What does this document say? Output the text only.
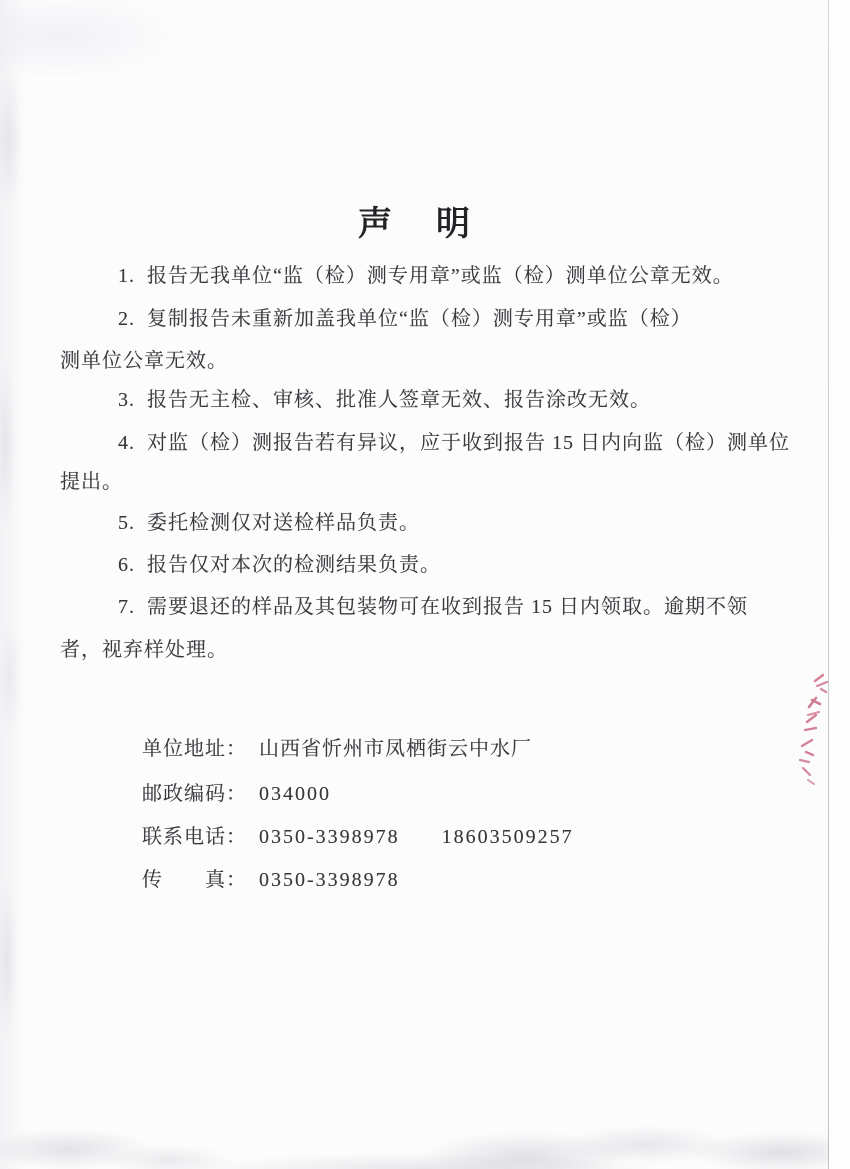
声    明
1.  报告无我单位“监（检）测专用章”或监（检）测单位公章无效。
2.  复制报告未重新加盖我单位“监（检）测专用章”或监（检）
测单位公章无效。
3.  报告无主检、审核、批准人签章无效、报告涂改无效。
4.  对监（检）测报告若有异议，应于收到报告 15 日内向监（检）测单位
提出。
5.  委托检测仅对送检样品负责。
6.  报告仅对本次的检测结果负责。
7.  需要退还的样品及其包装物可在收到报告 15 日内领取。逾期不领
者，视弃样处理。

单位地址： 山西省忻州市凤栖街云中水厂

邮政编码： 034000

联系电话： 0350-3398978 18603509257

传　　真： 0350-3398978
